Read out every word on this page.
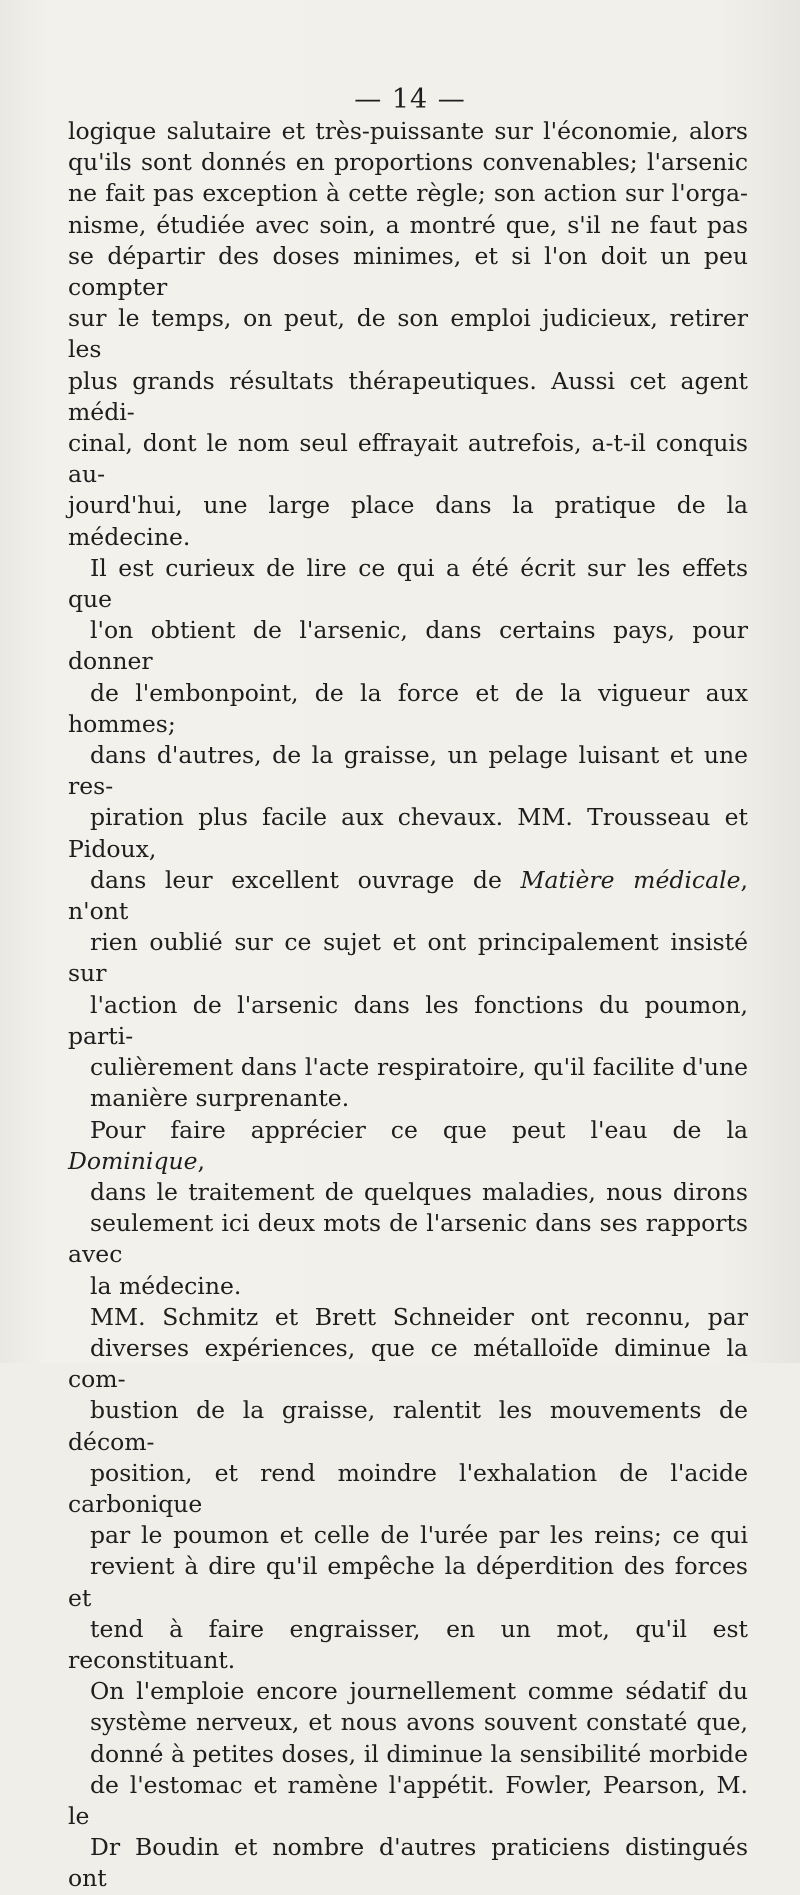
— 14 —

logique salutaire et très-puissante sur l'économie, alors
qu'ils sont donnés en proportions convenables; l'arsenic
ne fait pas exception à cette règle; son action sur l'orga-
nisme, étudiée avec soin, a montré que, s'il ne faut pas
se départir des doses minimes, et si l'on doit un peu compter
sur le temps, on peut, de son emploi judicieux, retirer les
plus grands résultats thérapeutiques. Aussi cet agent médi-
cinal, dont le nom seul effrayait autrefois, a-t-il conquis au-
jourd'hui, une large place dans la pratique de la médecine.

Il est curieux de lire ce qui a été écrit sur les effets que
l'on obtient de l'arsenic, dans certains pays, pour donner
de l'embonpoint, de la force et de la vigueur aux hommes;
dans d'autres, de la graisse, un pelage luisant et une res-
piration plus facile aux chevaux. MM. Trousseau et Pidoux,
dans leur excellent ouvrage de Matière médicale, n'ont
rien oublié sur ce sujet et ont principalement insisté sur
l'action de l'arsenic dans les fonctions du poumon, parti-
culièrement dans l'acte respiratoire, qu'il facilite d'une
manière surprenante.

Pour faire apprécier ce que peut l'eau de la Dominique,
dans le traitement de quelques maladies, nous dirons
seulement ici deux mots de l'arsenic dans ses rapports avec
la médecine.

MM. Schmitz et Brett Schneider ont reconnu, par
diverses expériences, que ce métalloïde diminue la com-
bustion de la graisse, ralentit les mouvements de décom-
position, et rend moindre l'exhalation de l'acide carbonique
par le poumon et celle de l'urée par les reins; ce qui
revient à dire qu'il empêche la déperdition des forces et
tend à faire engraisser, en un mot, qu'il est reconstituant.

On l'emploie encore journellement comme sédatif du
système nerveux, et nous avons souvent constaté que,
donné à petites doses, il diminue la sensibilité morbide
de l'estomac et ramène l'appétit. Fowler, Pearson, M. le
Dr Boudin et nombre d'autres praticiens distingués ont
